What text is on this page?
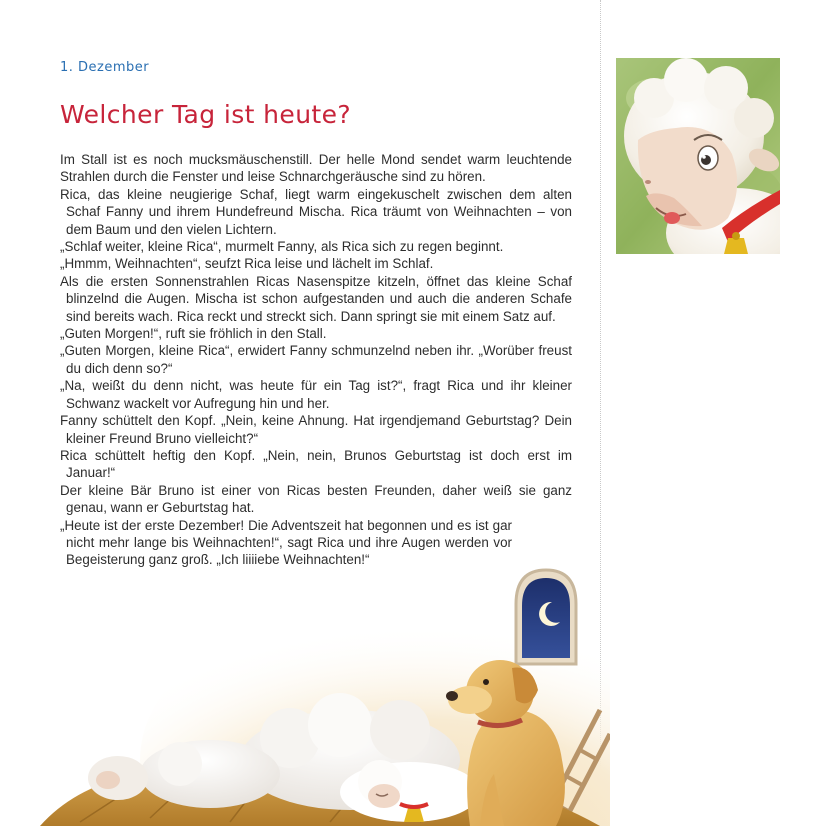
1. Dezember
Welcher Tag ist heute?

Im Stall ist es noch mucksmäuschenstill. Der helle Mond sendet warm leuchtende Strahlen durch die Fenster und leise Schnarchgeräusche sind zu hören.

Rica, das kleine neugierige Schaf, liegt warm eingekuschelt zwischen dem alten Schaf Fanny und ihrem Hundefreund Mischa. Rica träumt von Weihnachten – von dem Baum und den vielen Lichtern.

„Schlaf weiter, kleine Rica“, murmelt Fanny, als Rica sich zu regen beginnt.

„Hmmm, Weihnachten“, seufzt Rica leise und lächelt im Schlaf.

Als die ersten Sonnenstrahlen Ricas Nasenspitze kitzeln, öffnet das kleine Schaf blinzelnd die Augen. Mischa ist schon aufgestanden und auch die anderen Schafe sind bereits wach. Rica reckt und streckt sich. Dann springt sie mit einem Satz auf.

„Guten Morgen!“, ruft sie fröhlich in den Stall.

„Guten Morgen, kleine Rica“, erwidert Fanny schmunzelnd neben ihr. „Worüber freust du dich denn so?“

„Na, weißt du denn nicht, was heute für ein Tag ist?“, fragt Rica und ihr kleiner Schwanz wackelt vor Aufregung hin und her.

Fanny schüttelt den Kopf. „Nein, keine Ahnung. Hat irgendjemand Geburtstag? Dein kleiner Freund Bruno vielleicht?“

Rica schüttelt heftig den Kopf. „Nein, nein, Brunos Geburtstag ist doch erst im Januar!“

Der kleine Bär Bruno ist einer von Ricas besten Freunden, daher weiß sie ganz genau, wann er Geburtstag hat.

„Heute ist der erste Dezember! Die Adventszeit hat begonnen und es ist gar nicht mehr lange bis Weihnachten!“, sagt Rica und ihre Augen werden vor Begeisterung ganz groß. „Ich liiiiebe Weihnachten!“
